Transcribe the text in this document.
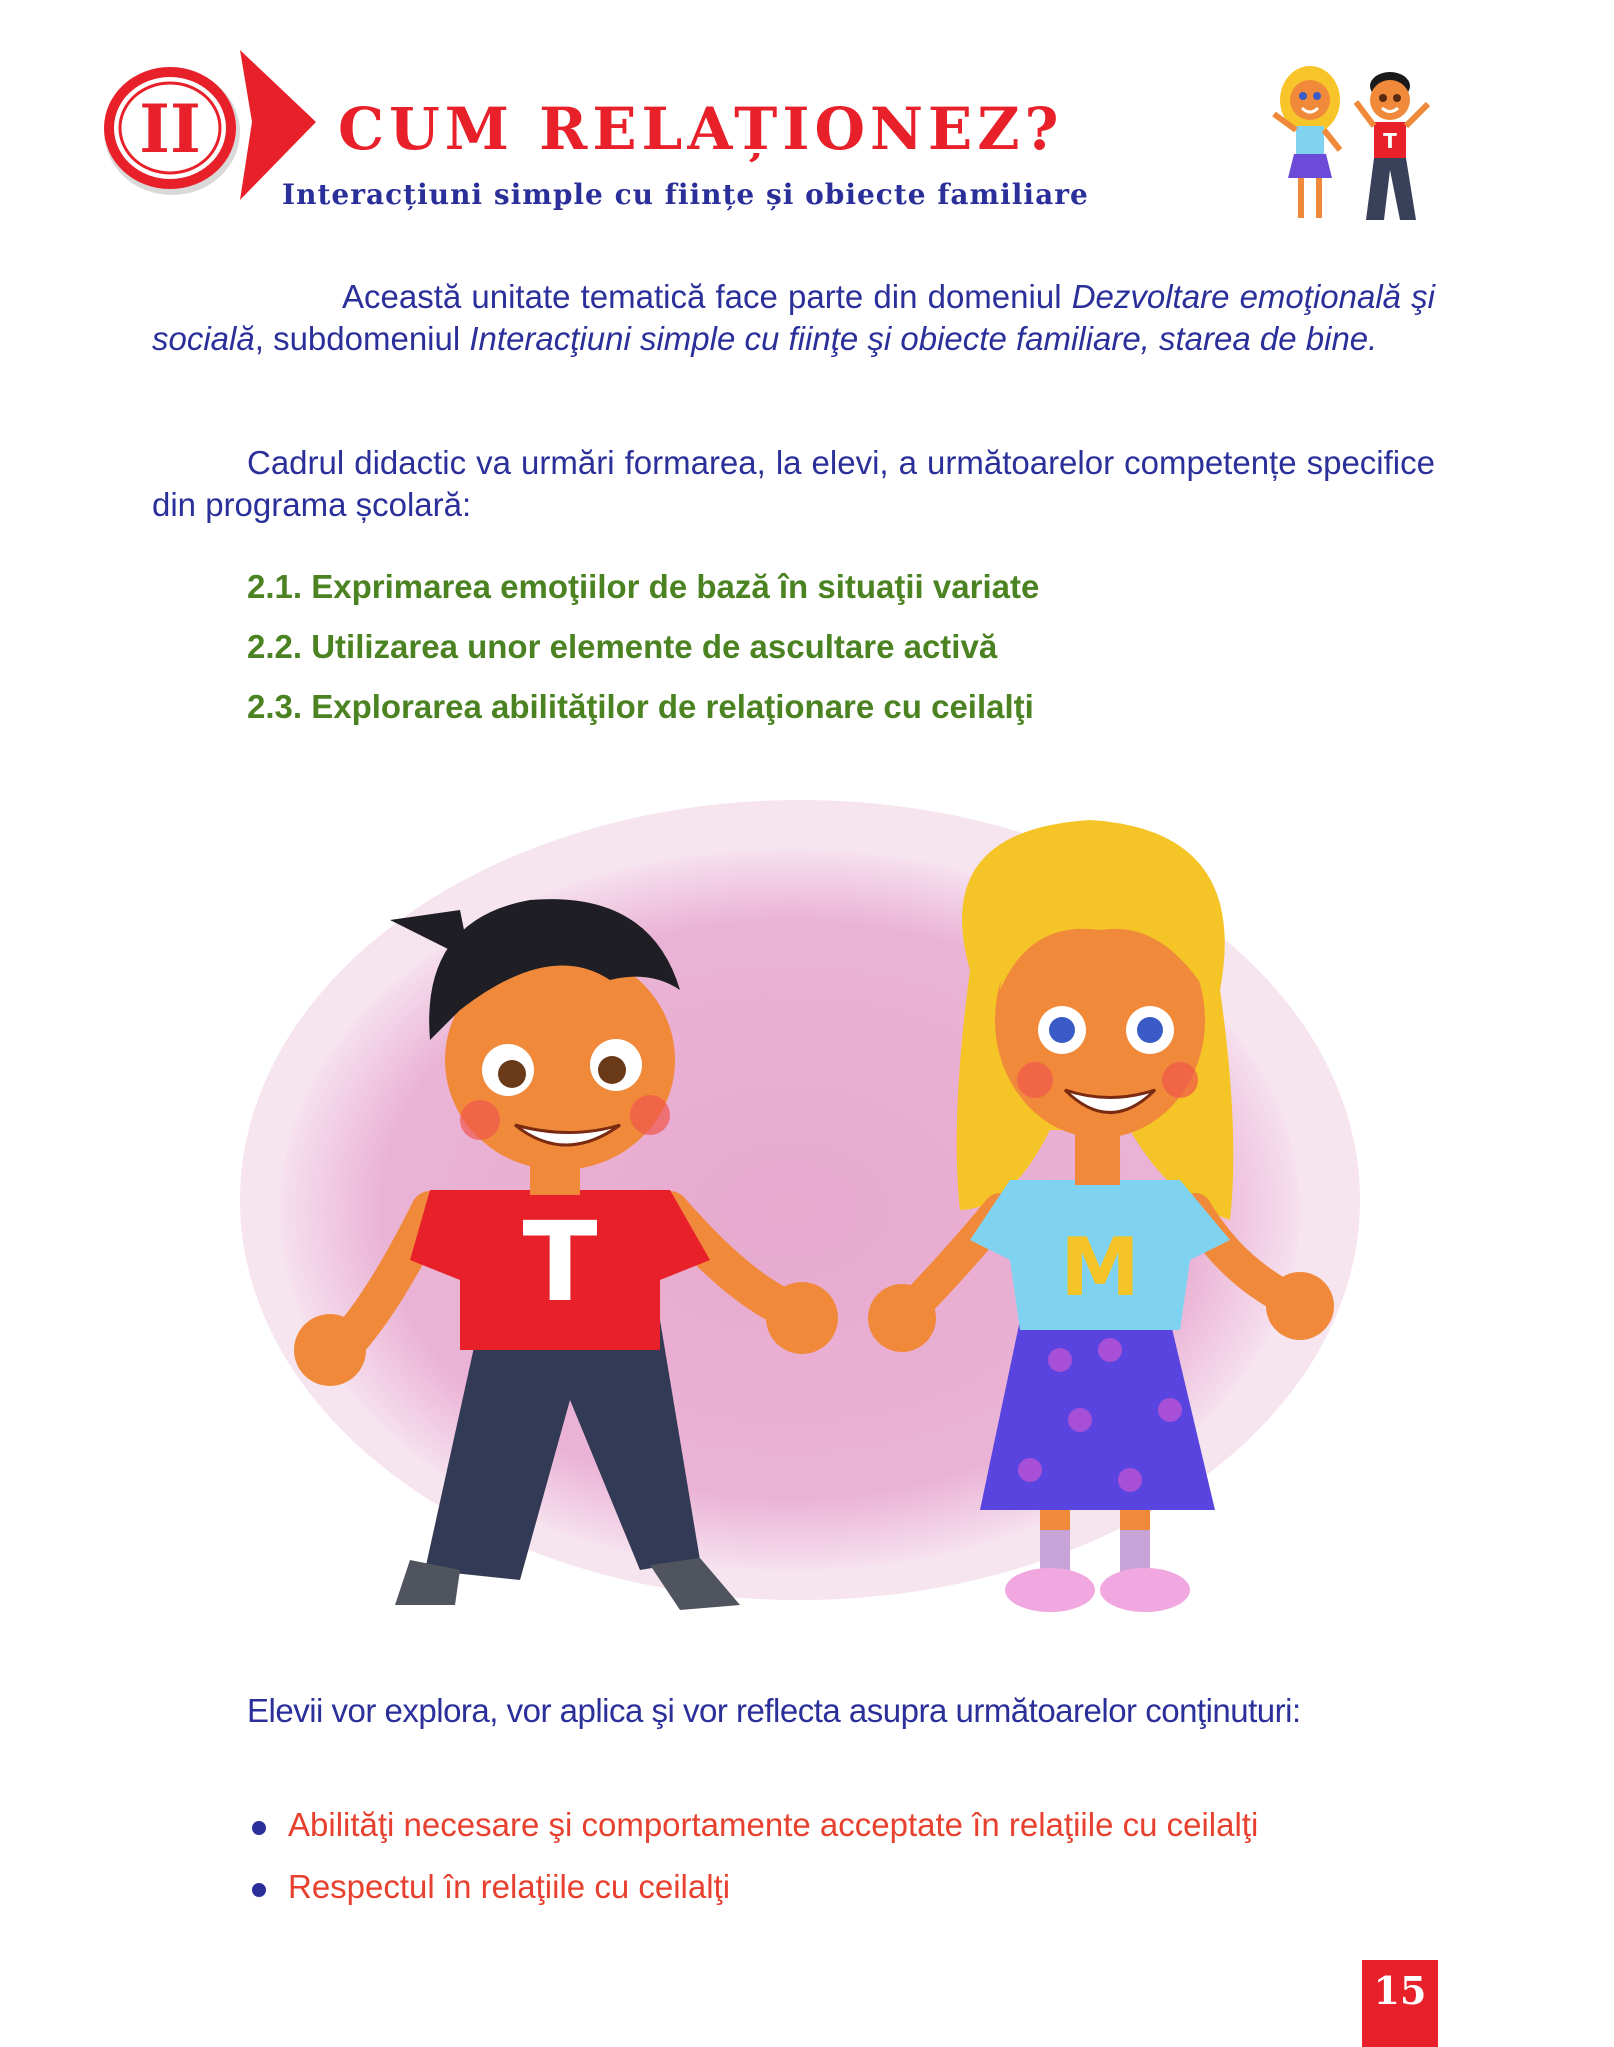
II CUM RELAȚIONEZ?
Interacțiuni simple cu ființe și obiecte familiare
T
Această unitate tematică face parte din domeniul Dezvoltare emoţională şi socială, subdomeniul Interacţiuni simple cu fiinţe şi obiecte familiare, starea de bine.
Cadrul didactic va urmări formarea, la elevi, a următoarelor competențe specifice din programa școlară:
2.1. Exprimarea emoţiilor de bază în situaţii variate
2.2. Utilizarea unor elemente de ascultare activă
2.3. Explorarea abilităţilor de relaţionare cu ceilalţi
T	M
Elevii vor explora, vor aplica şi vor reflecta asupra următoarelor conţinuturi:
Abilităţi necesare şi comportamente acceptate în relaţiile cu ceilalţi
Respectul în relaţiile cu ceilalţi
15
